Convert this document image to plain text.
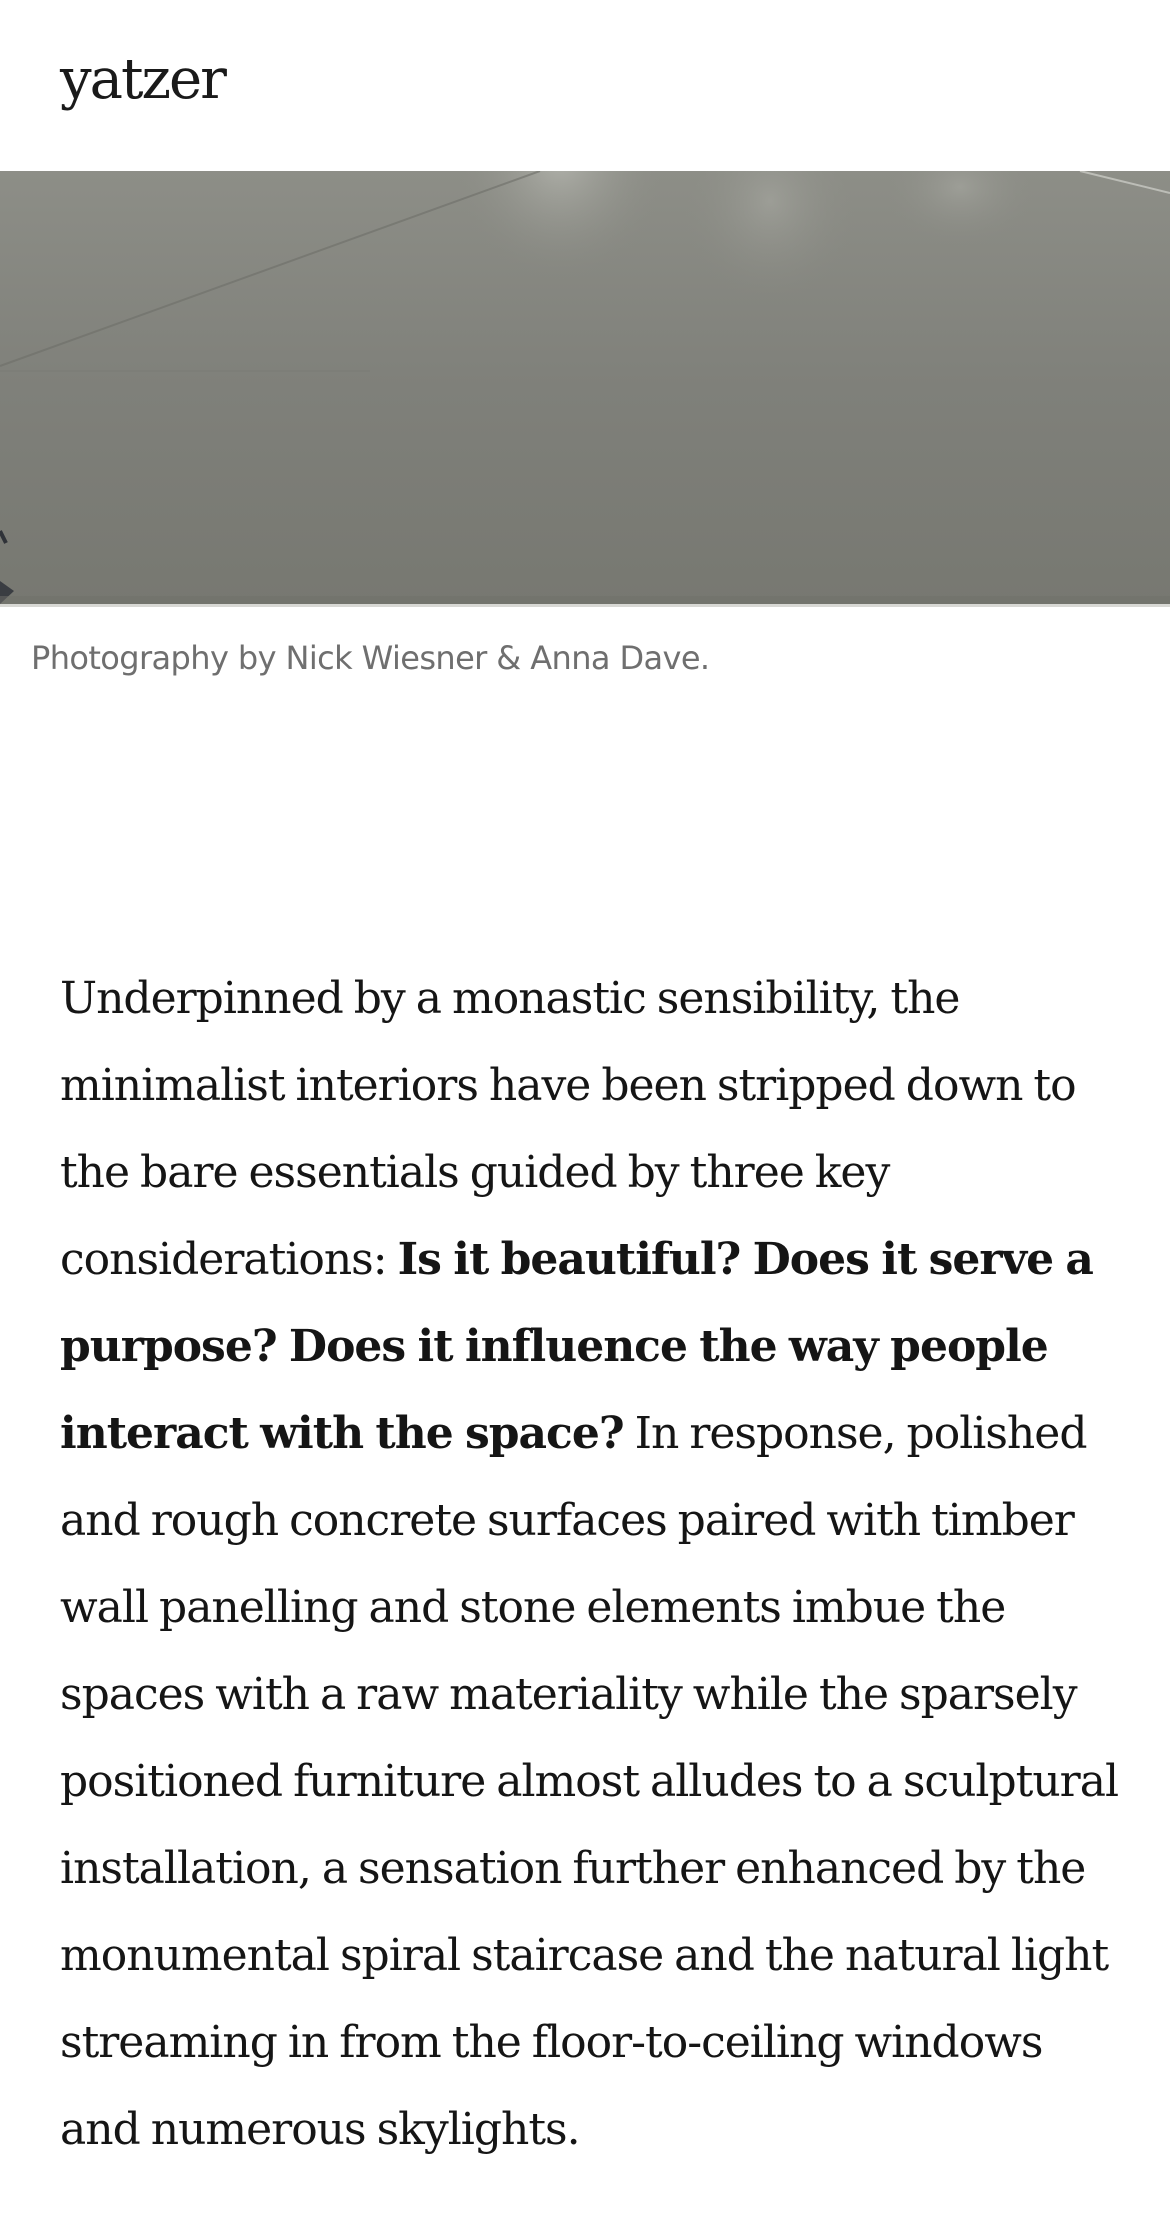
yatzer
Photography by Nick Wiesner & Anna Dave.

Underpinned by a monastic sensibility, the minimalist interiors have been stripped down to the bare essentials guided by three key considerations: Is it beautiful? Does it serve a purpose? Does it influence the way people interact with the space? In response, polished and rough concrete surfaces paired with timber wall panelling and stone elements imbue the spaces with a raw materiality while the sparsely positioned furniture almost alludes to a sculptural installation, a sensation further enhanced by the monumental spiral staircase and the natural light streaming in from the floor-to-ceiling windows and numerous skylights.
